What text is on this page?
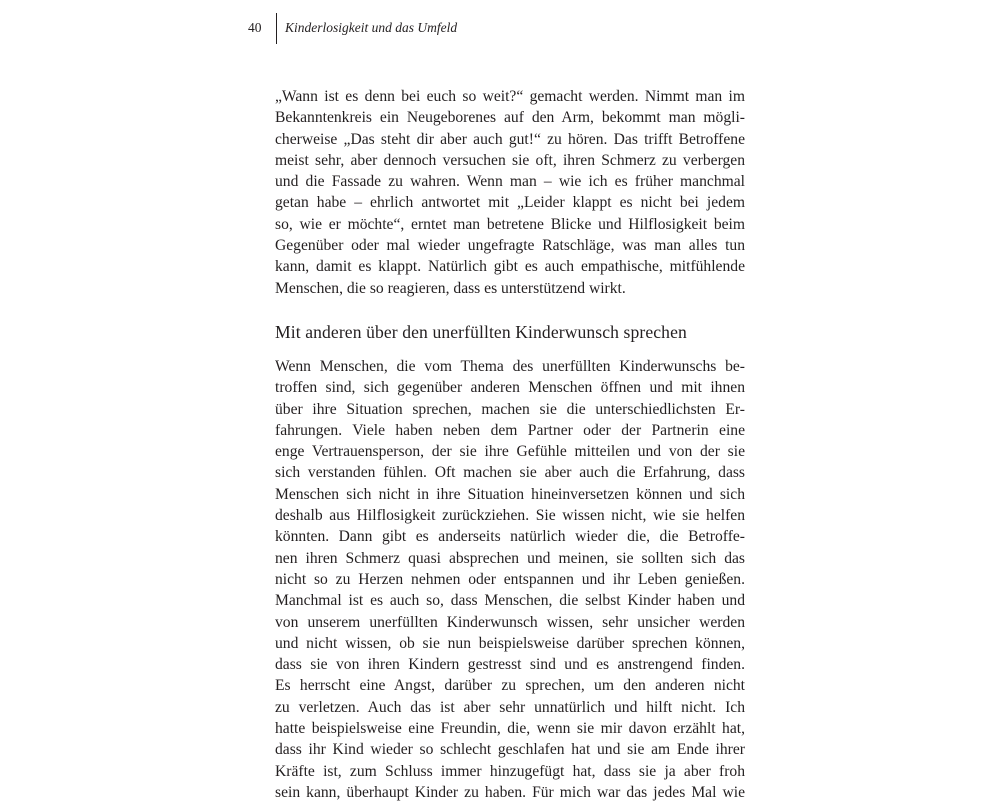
40	Kinderlosigkeit und das Umfeld
„Wann ist es denn bei euch so weit?“ gemacht werden. Nimmt man im
Bekanntenkreis ein Neugeborenes auf den Arm, bekommt man mögli-
cherweise „Das steht dir aber auch gut!“ zu hören. Das trifft Betroffene
meist sehr, aber dennoch versuchen sie oft, ihren Schmerz zu verbergen
und die Fassade zu wahren. Wenn man – wie ich es früher manchmal
getan habe – ehrlich antwortet mit „Leider klappt es nicht bei jedem
so, wie er möchte“, erntet man betretene Blicke und Hilflosigkeit beim
Gegenüber oder mal wieder ungefragte Ratschläge, was man alles tun
kann, damit es klappt. Natürlich gibt es auch empathische, mitfühlende
Menschen, die so reagieren, dass es unterstützend wirkt.
Mit anderen über den unerfüllten Kinderwunsch sprechen
Wenn Menschen, die vom Thema des unerfüllten Kinderwunschs be-
troffen sind, sich gegenüber anderen Menschen öffnen und mit ihnen
über ihre Situation sprechen, machen sie die unterschiedlichsten Er-
fahrungen. Viele haben neben dem Partner oder der Partnerin eine
enge Vertrauensperson, der sie ihre Gefühle mitteilen und von der sie
sich verstanden fühlen. Oft machen sie aber auch die Erfahrung, dass
Menschen sich nicht in ihre Situation hineinversetzen können und sich
deshalb aus Hilflosigkeit zurückziehen. Sie wissen nicht, wie sie helfen
könnten. Dann gibt es anderseits natürlich wieder die, die Betroffe-
nen ihren Schmerz quasi absprechen und meinen, sie sollten sich das
nicht so zu Herzen nehmen oder entspannen und ihr Leben genießen.
Manchmal ist es auch so, dass Menschen, die selbst Kinder haben und
von unserem unerfüllten Kinderwunsch wissen, sehr unsicher werden
und nicht wissen, ob sie nun beispielsweise darüber sprechen können,
dass sie von ihren Kindern gestresst sind und es anstrengend finden.
Es herrscht eine Angst, darüber zu sprechen, um den anderen nicht
zu verletzen. Auch das ist aber sehr unnatürlich und hilft nicht. Ich
hatte beispielsweise eine Freundin, die, wenn sie mir davon erzählt hat,
dass ihr Kind wieder so schlecht geschlafen hat und sie am Ende ihrer
Kräfte ist, zum Schluss immer hinzugefügt hat, dass sie ja aber froh
sein kann, überhaupt Kinder zu haben. Für mich war das jedes Mal wie
